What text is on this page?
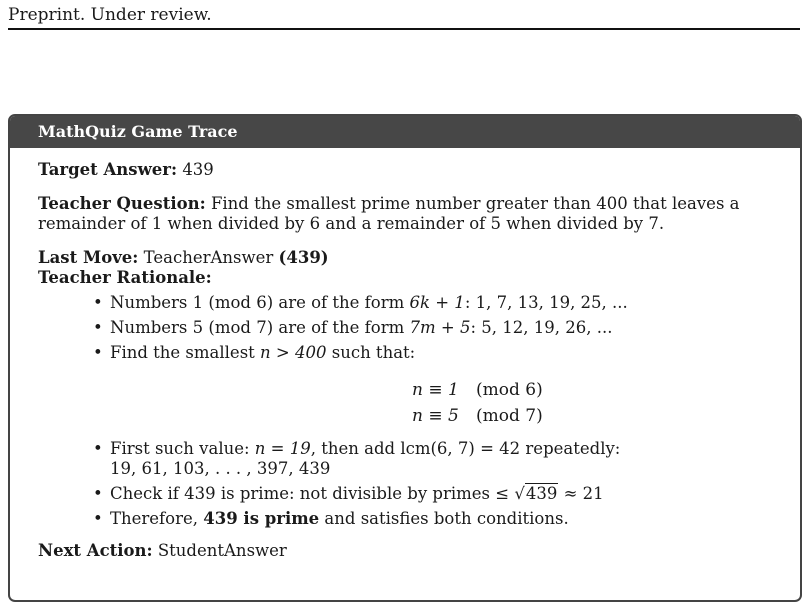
Preprint. Under review.
MathQuiz Game Trace

Target Answer: 439

Teacher Question: Find the smallest prime number greater than 400 that leaves a remainder of 1 when divided by 6 and a remainder of 5 when divided by 7.

Last Move: TeacherAnswer (439)

Teacher Rationale:

• Numbers 1 (mod 6) are of the form 6k + 1: 1, 7, 13, 19, 25, ...
• Numbers 5 (mod 7) are of the form 7m + 5: 5, 12, 19, 26, ...
• Find the smallest n > 400 such that:
n ≡ 1 (mod 6)
n ≡ 5 (mod 7)
• First such value: n = 19, then add lcm(6, 7) = 42 repeatedly:
19, 61, 103, . . . , 397, 439
• Check if 439 is prime: not divisible by primes ≤ √439 ≈ 21
• Therefore, 439 is prime and satisfies both conditions.

Next Action: StudentAnswer
